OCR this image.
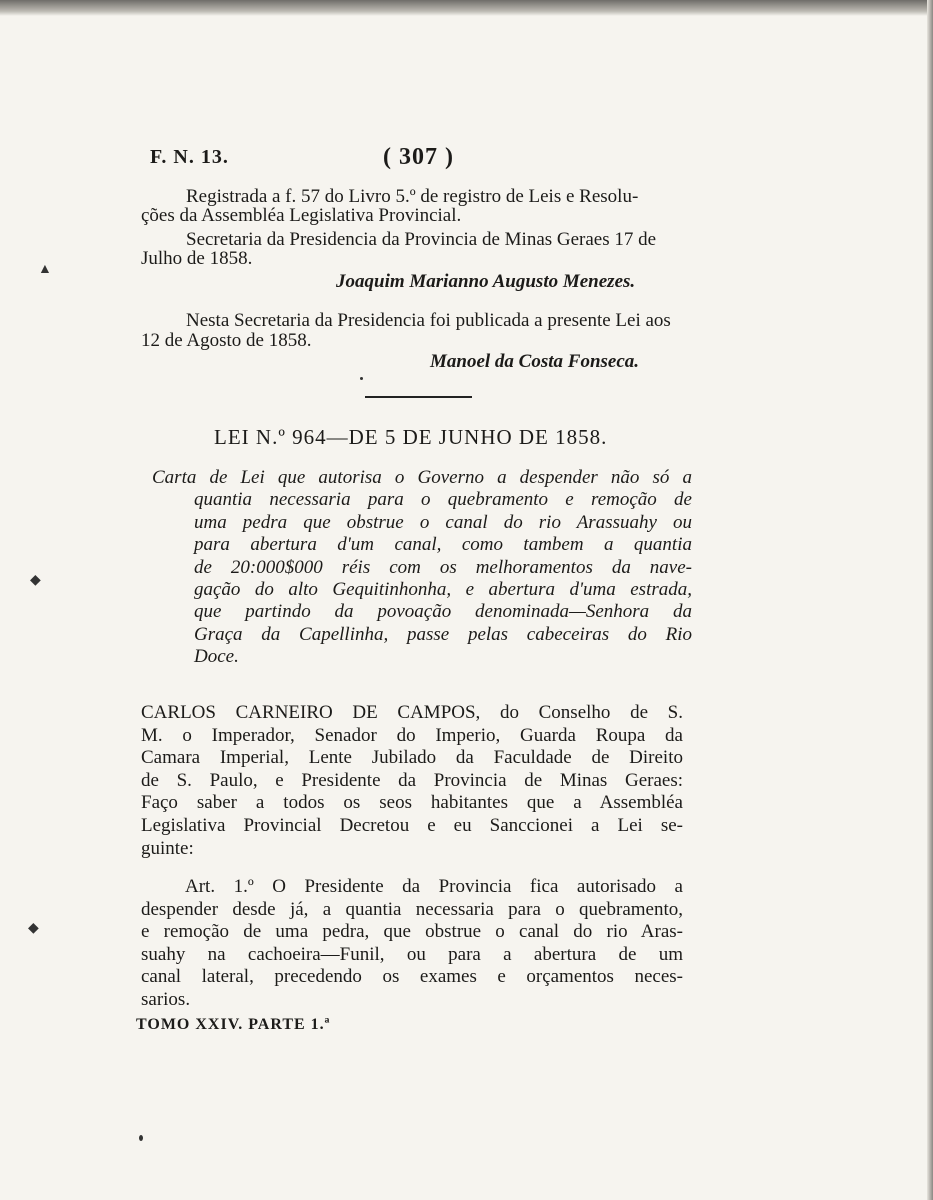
F. N. 13.	( 307 )
Registrada a f. 57 do Livro 5.º de registro de Leis e Resolu-
ções da Assembléa Legislativa Provincial.
Secretaria da Presidencia da Provincia de Minas Geraes 17 de
Julho de 1858.
Joaquim Marianno Augusto Menezes.
Nesta Secretaria da Presidencia foi publicada a presente Lei aos
12 de Agosto de 1858.
Manoel da Costa Fonseca.
LEI N.º 964—DE 5 DE JUNHO DE 1858.

Carta de Lei que autorisa o Governo a despender não só a

quantia necessaria para o quebramento e remoção de

uma pedra que obstrue o canal do rio Arassuahy ou

para abertura d'um canal, como tambem a quantia

de 20:000$000 réis com os melhoramentos da nave-

gação do alto Gequitinhonha, e abertura d'uma estrada,

que partindo da povoação denominada—Senhora da

Graça da Capellinha, passe pelas cabeceiras do Rio

Doce.

CARLOS CARNEIRO DE CAMPOS, do Conselho de S.

M. o Imperador, Senador do Imperio, Guarda Roupa da

Camara Imperial, Lente Jubilado da Faculdade de Direito

de S. Paulo, e Presidente da Provincia de Minas Geraes:

Faço saber a todos os seos habitantes que a Assembléa

Legislativa Provincial Decretou e eu Sanccionei a Lei se-

guinte:

Art. 1.º O Presidente da Provincia fica autorisado a

despender desde já, a quantia necessaria para o quebramento,

e remoção de uma pedra, que obstrue o canal do rio Aras-

suahy na cachoeira—Funil, ou para a abertura de um

canal lateral, precedendo os exames e orçamentos neces-

sarios.

TOMO XXIV. PARTE 1.ª
▲
◆
◆
